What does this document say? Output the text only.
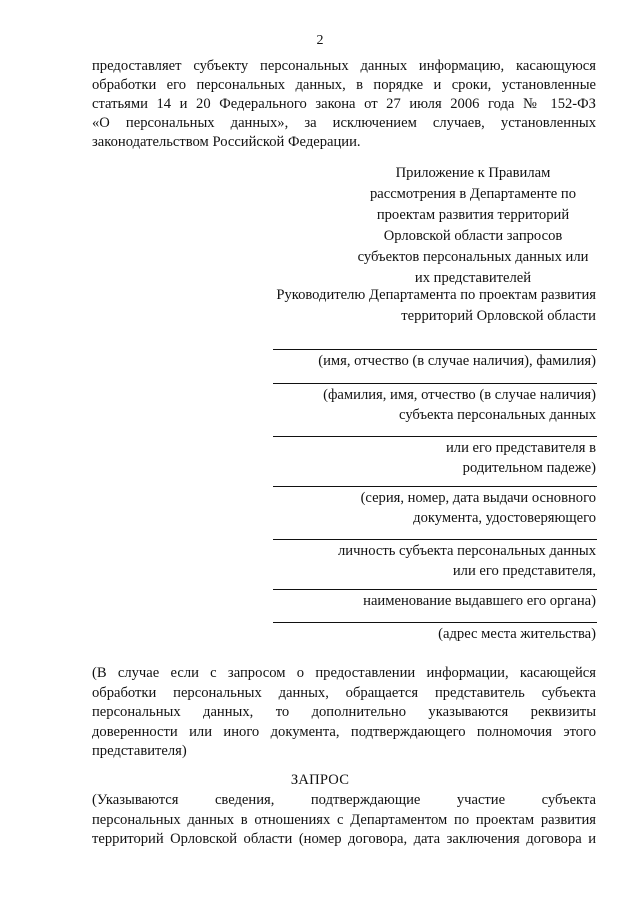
2
предоставляет субъекту персональных данных информацию, касающуюся
обработки его персональных данных, в порядке и сроки, установленные
статьями 14 и 20 Федерального закона от 27 июля 2006 года № 152-ФЗ
«О персональных данных», за исключением случаев, установленных
законодательством Российской Федерации.
Приложение к Правилам
рассмотрения в Департаменте по
проектам развития территорий
Орловской области запросов
субъектов персональных данных или
их представителей
Руководителю Департамента по проектам развития
территорий Орловской области
(имя, отчество (в случае наличия), фамилия)
(фамилия, имя, отчество (в случае наличия)
субъекта персональных данных
или его представителя в
родительном падеже)
(серия, номер, дата выдачи основного
документа, удостоверяющего
личность субъекта персональных данных
или его представителя,
наименование выдавшего его органа)
(адрес места жительства)
(В случае если с запросом о предоставлении информации, касающейся
обработки персональных данных, обращается представитель субъекта
персональных данных, то дополнительно указываются реквизиты
доверенности или иного документа, подтверждающего полномочия этого
представителя)
ЗАПРОС
(Указываются сведения, подтверждающие участие субъекта
персональных данных в отношениях с Департаментом по проектам развития
территорий Орловской области (номер договора, дата заключения договора и
